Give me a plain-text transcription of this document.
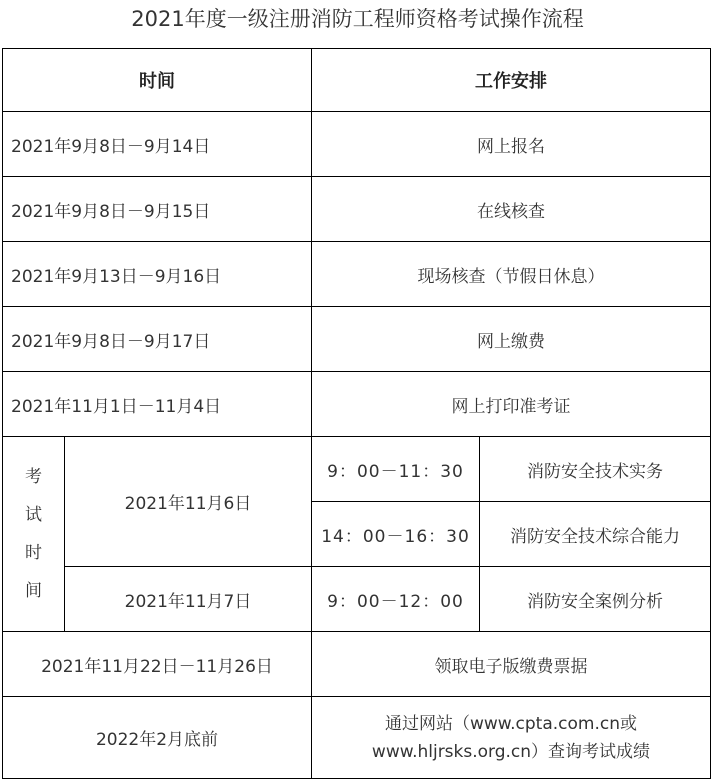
2021年度一级注册消防工程师资格考试操作流程
时间		工作安排	
2021年9月8日－9月14日		网上报名	
2021年9月8日－9月15日		在线核查	
2021年9月13日－9月16日		现场核查（节假日休息）	
2021年9月8日－9月17日		网上缴费	
2021年11月1日－11月4日		网上打印准考证	

考
试
时
间	2021年11月6日	9：00－11：30	消防安全技术实务
		14：00－16：30	消防安全技术综合能力
	2021年11月7日	9：00－12：00	消防安全案例分析
2021年11月22日－11月26日		领取电子版缴费票据	
2022年2月底前		通过网站（www.cpta.com.cn或
www.hljrsks.org.cn）查询考试成绩	
